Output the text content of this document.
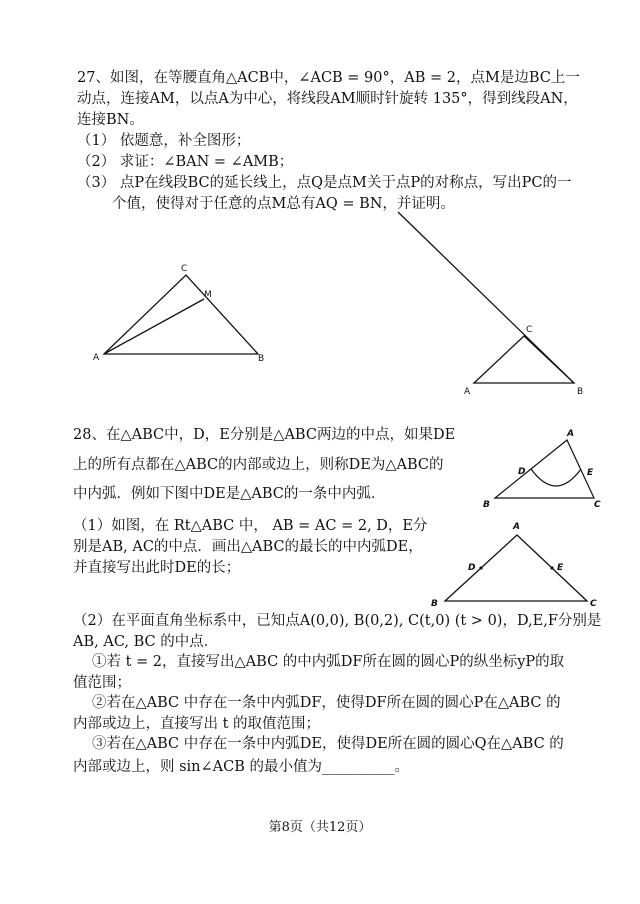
27、如图，在等腰直角△ACB中，∠ACB = 90°，AB = 2，点M是边BC上一
动点，连接AM，以点A为中心，将线段AM顺时针旋转 135°，得到线段AN，
连接BN。
（1） 依题意，补全图形；
（2） 求证：∠BAN = ∠AMB；
（3） 点P在线段BC的延长线上，点Q是点M关于点P的对称点，写出PC的一
个值，使得对于任意的点M总有AQ = BN，并证明。
C
M
A	B
C
A	B
A
D	E
B	C
A
D	E
B	C
28、在△ABC中，D，E分别是△ABC两边的中点，如果DE
上的所有点都在△ABC的内部或边上，则称DE为△ABC的
中内弧．例如下图中DE是△ABC的一条中内弧．
（1）如图，在 Rt△ABC 中， AB = AC = 2, D，E分
别是AB, AC的中点．画出△ABC的最长的中内弧DE，
并直接写出此时DE的长；
（2）在平面直角坐标系中，已知点A(0,0), B(0,2), C(t,0) (t > 0)，D,E,F分别是
AB, AC, BC 的中点．
①若 t = 2，直接写出△ABC 的中内弧DF所在圆的圆心P的纵坐标yP的取
值范围；
②若在△ABC 中存在一条中内弧DF，使得DF所在圆的圆心P在△ABC 的
内部或边上，直接写出 t 的取值范围；
③若在△ABC 中存在一条中内弧DE，使得DE所在圆的圆心Q在△ABC 的
内部或边上，则 sin∠ACB 的最小值为__________。
第8页（共12页）
